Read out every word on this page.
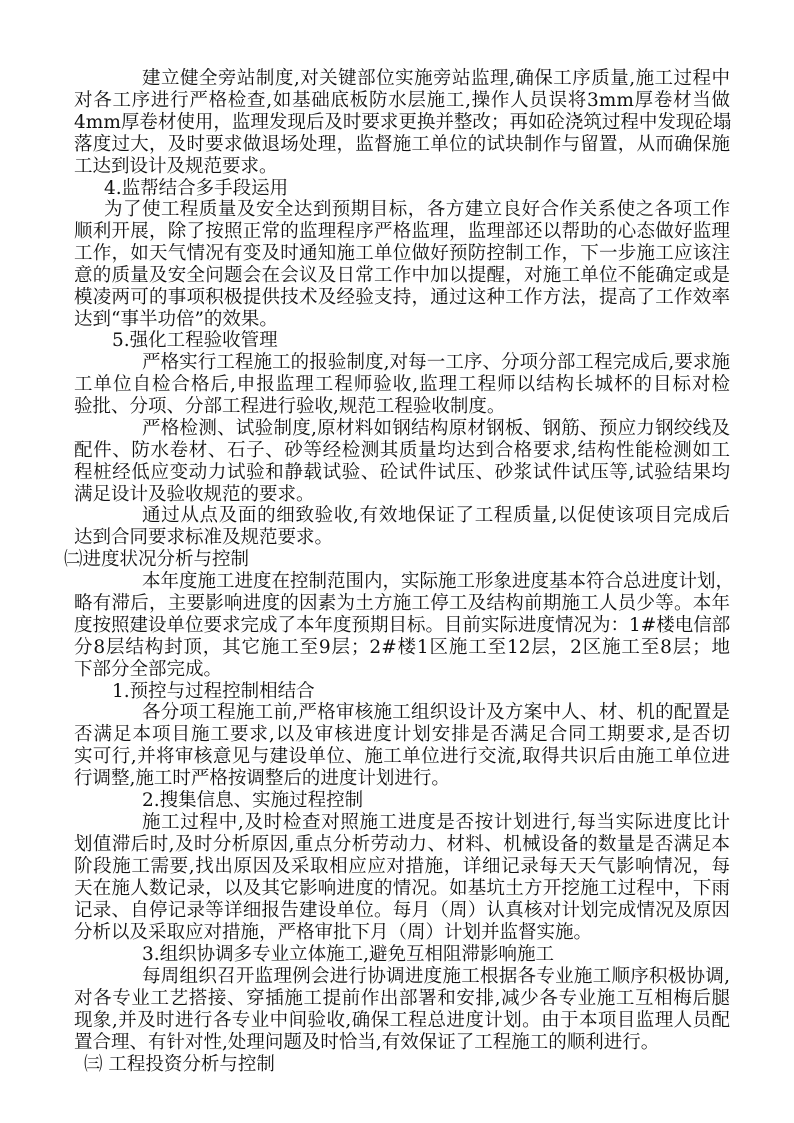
建立健全旁站制度,对关键部位实施旁站监理,确保工序质量,施工过程中
对各工序进行严格检查,如基础底板防水层施工,操作人员误将3mm厚卷材当做
4mm厚卷材使用，监理发现后及时要求更换并整改；再如砼浇筑过程中发现砼塌
落度过大，及时要求做退场处理，监督施工单位的试块制作与留置，从而确保施
工达到设计及规范要求。
4.监帮结合多手段运用
为了使工程质量及安全达到预期目标，各方建立良好合作关系使之各项工作
顺利开展，除了按照正常的监理程序严格监理，监理部还以帮助的心态做好监理
工作，如天气情况有变及时通知施工单位做好预防控制工作，下一步施工应该注
意的质量及安全问题会在会议及日常工作中加以提醒，对施工单位不能确定或是
模凌两可的事项积极提供技术及经验支持，通过这种工作方法，提高了工作效率
达到“事半功倍”的效果。
5.强化工程验收管理
严格实行工程施工的报验制度,对每一工序、分项分部工程完成后,要求施
工单位自检合格后,申报监理工程师验收,监理工程师以结构长城杯的目标对检
验批、分项、分部工程进行验收,规范工程验收制度。
严格检测、试验制度,原材料如钢结构原材钢板、钢筋、预应力钢绞线及
配件、防水卷材、石子、砂等经检测其质量均达到合格要求,结构性能检测如工
程桩经低应变动力试验和静载试验、砼试件试压、砂浆试件试压等,试验结果均
满足设计及验收规范的要求。
通过从点及面的细致验收,有效地保证了工程质量,以促使该项目完成后
达到合同要求标准及规范要求。
㈡进度状况分析与控制
本年度施工进度在控制范围内，实际施工形象进度基本符合总进度计划，
略有滞后，主要影响进度的因素为土方施工停工及结构前期施工人员少等。本年
度按照建设单位要求完成了本年度预期目标。目前实际进度情况为：1#楼电信部
分8层结构封顶，其它施工至9层；2#楼1区施工至12层，2区施工至8层；地
下部分全部完成。
1.预控与过程控制相结合
各分项工程施工前,严格审核施工组织设计及方案中人、材、机的配置是
否满足本项目施工要求,以及审核进度计划安排是否满足合同工期要求,是否切
实可行,并将审核意见与建设单位、施工单位进行交流,取得共识后由施工单位进
行调整,施工时严格按调整后的进度计划进行。
2.搜集信息、实施过程控制
施工过程中,及时检查对照施工进度是否按计划进行,每当实际进度比计
划值滞后时,及时分析原因,重点分析劳动力、材料、机械设备的数量是否满足本
阶段施工需要,找出原因及采取相应应对措施，详细记录每天天气影响情况，每
天在施人数记录，以及其它影响进度的情况。如基坑土方开挖施工过程中，下雨
记录、自停记录等详细报告建设单位。每月（周）认真核对计划完成情况及原因
分析以及采取应对措施，严格审批下月（周）计划并监督实施。
3.组织协调多专业立体施工,避免互相阻滞影响施工
每周组织召开监理例会进行协调进度施工根据各专业施工顺序积极协调,
对各专业工艺搭接、穿插施工提前作出部署和安排,减少各专业施工互相梅后腿
现象,并及时进行各专业中间验收,确保工程总进度计划。由于本项目监理人员配
置合理、有针对性,处理问题及时恰当,有效保证了工程施工的顺利进行。
㈢ 工程投资分析与控制
